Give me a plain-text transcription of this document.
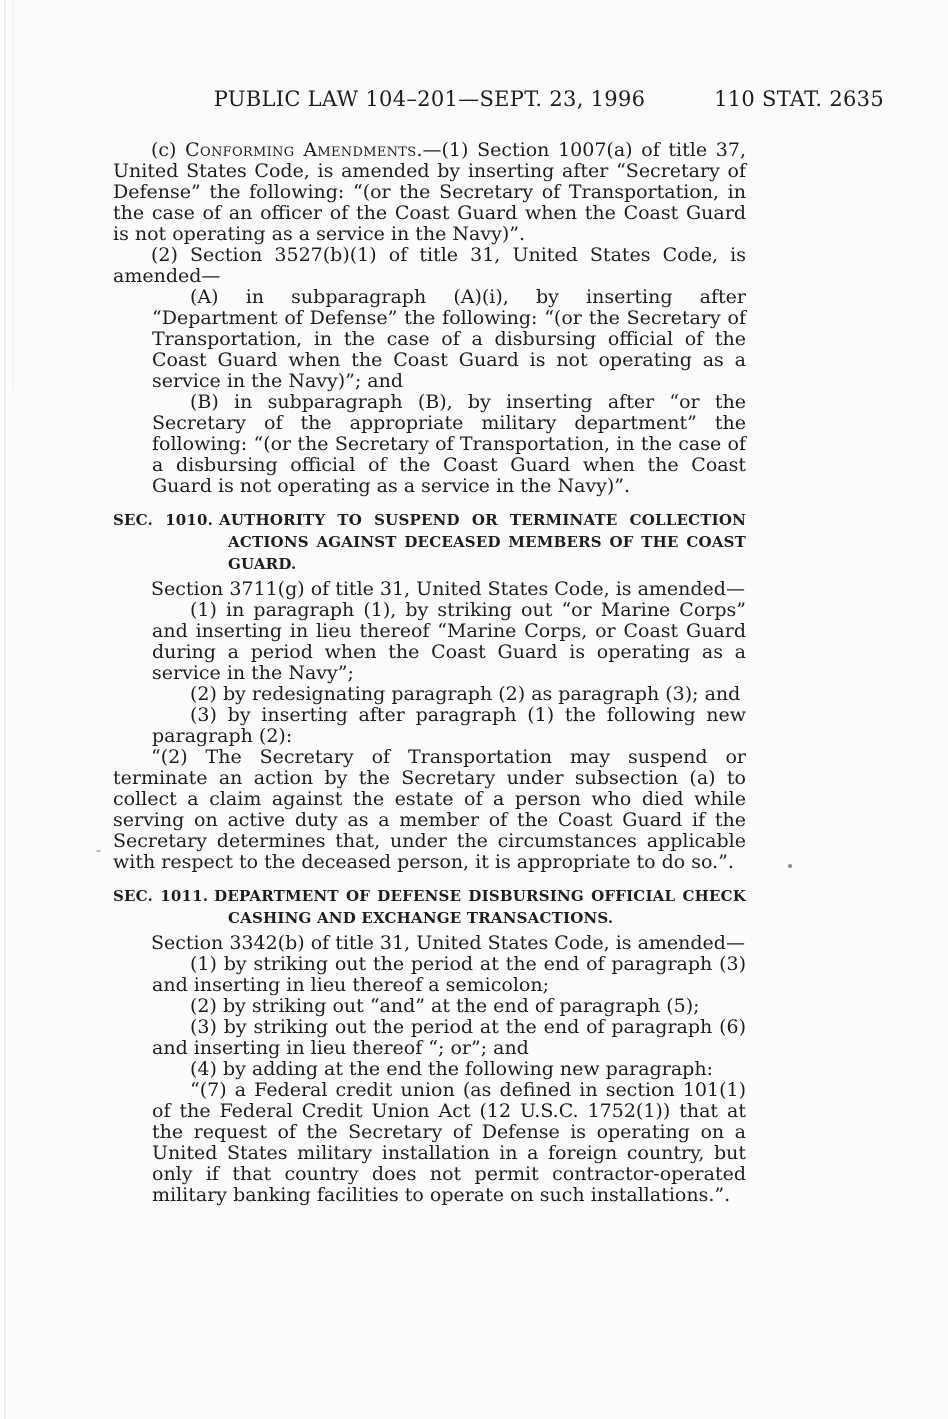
PUBLIC LAW 104–201—SEPT. 23, 1996	110 STAT. 2635

(c) Conforming Amendments.—(1) Section 1007(a) of title 37, United States Code, is amended by inserting after “Secretary of Defense” the following: “(or the Secretary of Transportation, in the case of an officer of the Coast Guard when the Coast Guard is not operating as a service in the Navy)”.

(2) Section 3527(b)(1) of title 31, United States Code, is amended—

(A) in subparagraph (A)(i), by inserting after “Department of Defense” the following: “(or the Secretary of Transportation, in the case of a disbursing official of the Coast Guard when the Coast Guard is not operating as a service in the Navy)”; and

(B) in subparagraph (B), by inserting after “or the Secretary of the appropriate military department” the following: “(or the Secretary of Transportation, in the case of a disbursing official of the Coast Guard when the Coast Guard is not operating as a service in the Navy)”.

SEC. 1010. AUTHORITY TO SUSPEND OR TERMINATE COLLECTION
ACTIONS AGAINST DECEASED MEMBERS OF THE COAST
GUARD.

Section 3711(g) of title 31, United States Code, is amended—

(1) in paragraph (1), by striking out “or Marine Corps” and inserting in lieu thereof “Marine Corps, or Coast Guard during a period when the Coast Guard is operating as a service in the Navy”;

(2) by redesignating paragraph (2) as paragraph (3); and

(3) by inserting after paragraph (1) the following new paragraph (2):

“(2) The Secretary of Transportation may suspend or terminate an action by the Secretary under subsection (a) to collect a claim against the estate of a person who died while serving on active duty as a member of the Coast Guard if the Secretary determines that, under the circumstances applicable with respect to the deceased person, it is appropriate to do so.”.

SEC. 1011. DEPARTMENT OF DEFENSE DISBURSING OFFICIAL CHECK
CASHING AND EXCHANGE TRANSACTIONS.

Section 3342(b) of title 31, United States Code, is amended—

(1) by striking out the period at the end of paragraph (3) and inserting in lieu thereof a semicolon;

(2) by striking out “and” at the end of paragraph (5);

(3) by striking out the period at the end of paragraph (6) and inserting in lieu thereof “; or”; and

(4) by adding at the end the following new paragraph:

“(7) a Federal credit union (as defined in section 101(1) of the Federal Credit Union Act (12 U.S.C. 1752(1)) that at the request of the Secretary of Defense is operating on a United States military installation in a foreign country, but only if that country does not permit contractor-operated military banking facilities to operate on such installations.”.
